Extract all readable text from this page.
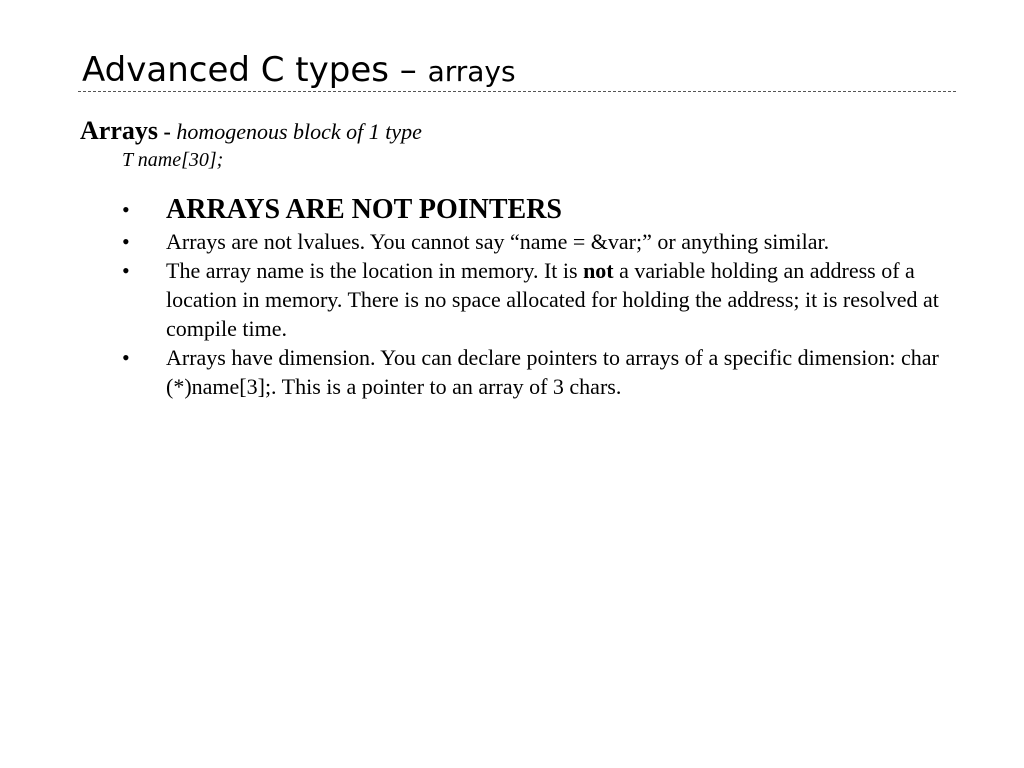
Advanced C types – arrays
Arrays - homogenous block of 1 type
T name[30];
• ARRAYS ARE NOT POINTERS
• Arrays are not lvalues. You cannot say “name = &var;” or anything similar.
• The array name is the location in memory. It is not a variable holding an address of a location in memory. There is no space allocated for holding the address; it is resolved at compile time.
• Arrays have dimension. You can declare pointers to arrays of a specific dimension: char (*)name[3];. This is a pointer to an array of 3 chars.
